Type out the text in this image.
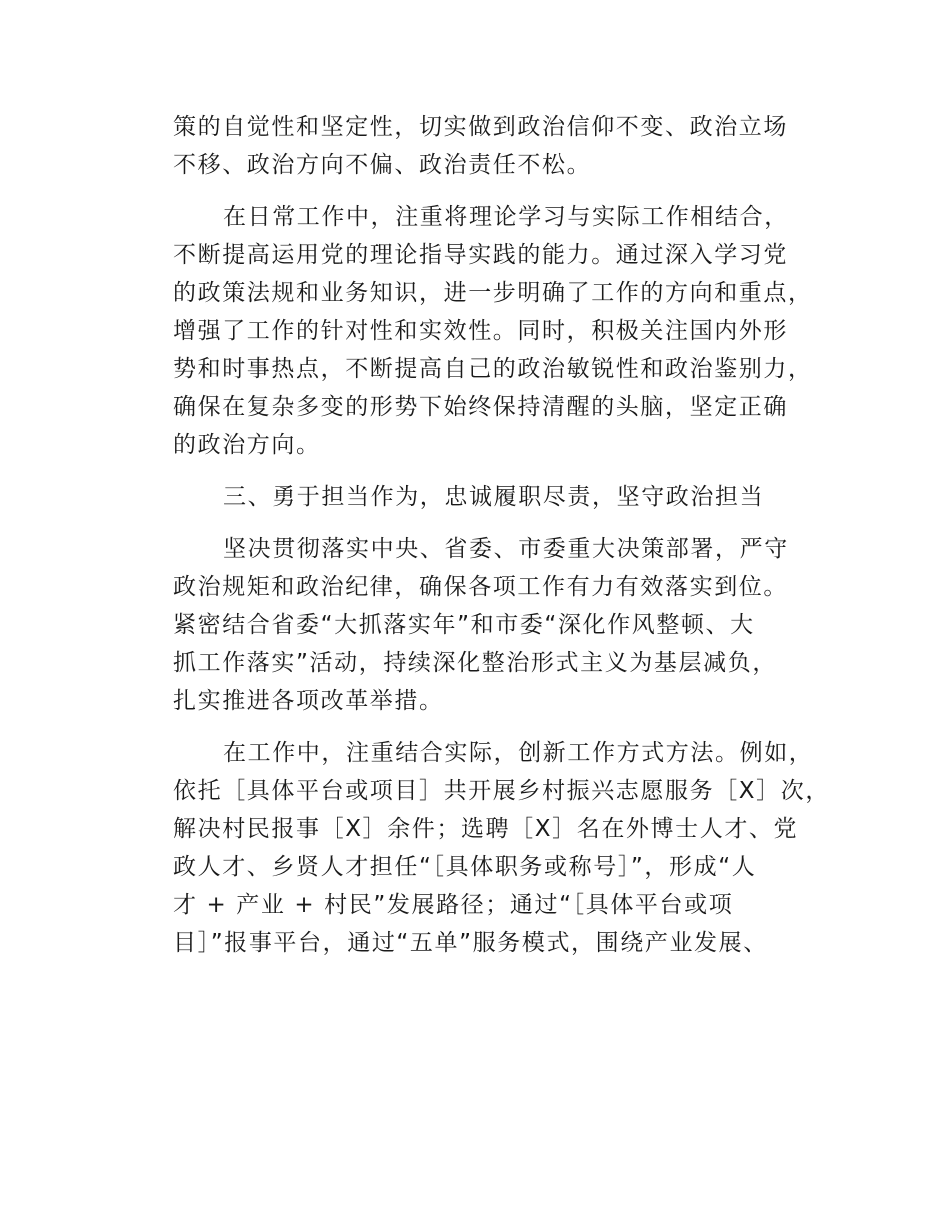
策的自觉性和坚定性，切实做到政治信仰不变、政治立场
不移、政治方向不偏、政治责任不松。
在日常工作中，注重将理论学习与实际工作相结合，
不断提高运用党的理论指导实践的能力。通过深入学习党
的政策法规和业务知识，进一步明确了工作的方向和重点，
增强了工作的针对性和实效性。同时，积极关注国内外形
势和时事热点，不断提高自己的政治敏锐性和政治鉴别力，
确保在复杂多变的形势下始终保持清醒的头脑，坚定正确
的政治方向。
三、勇于担当作为，忠诚履职尽责，坚守政治担当
坚决贯彻落实中央、省委、市委重大决策部署，严守
政治规矩和政治纪律，确保各项工作有力有效落实到位。
紧密结合省委“大抓落实年”和市委“深化作风整顿、大
抓工作落实”活动，持续深化整治形式主义为基层减负，
扎实推进各项改革举措。
在工作中，注重结合实际，创新工作方式方法。例如，
依托［具体平台或项目］共开展乡村振兴志愿服务［X］次，
解决村民报事［X］余件；选聘［X］名在外博士人才、党
政人才、乡贤人才担任“［具体职务或称号］”，形成“人
才 + 产业 + 村民”发展路径；通过“［具体平台或项
目］”报事平台，通过“五单”服务模式，围绕产业发展、
